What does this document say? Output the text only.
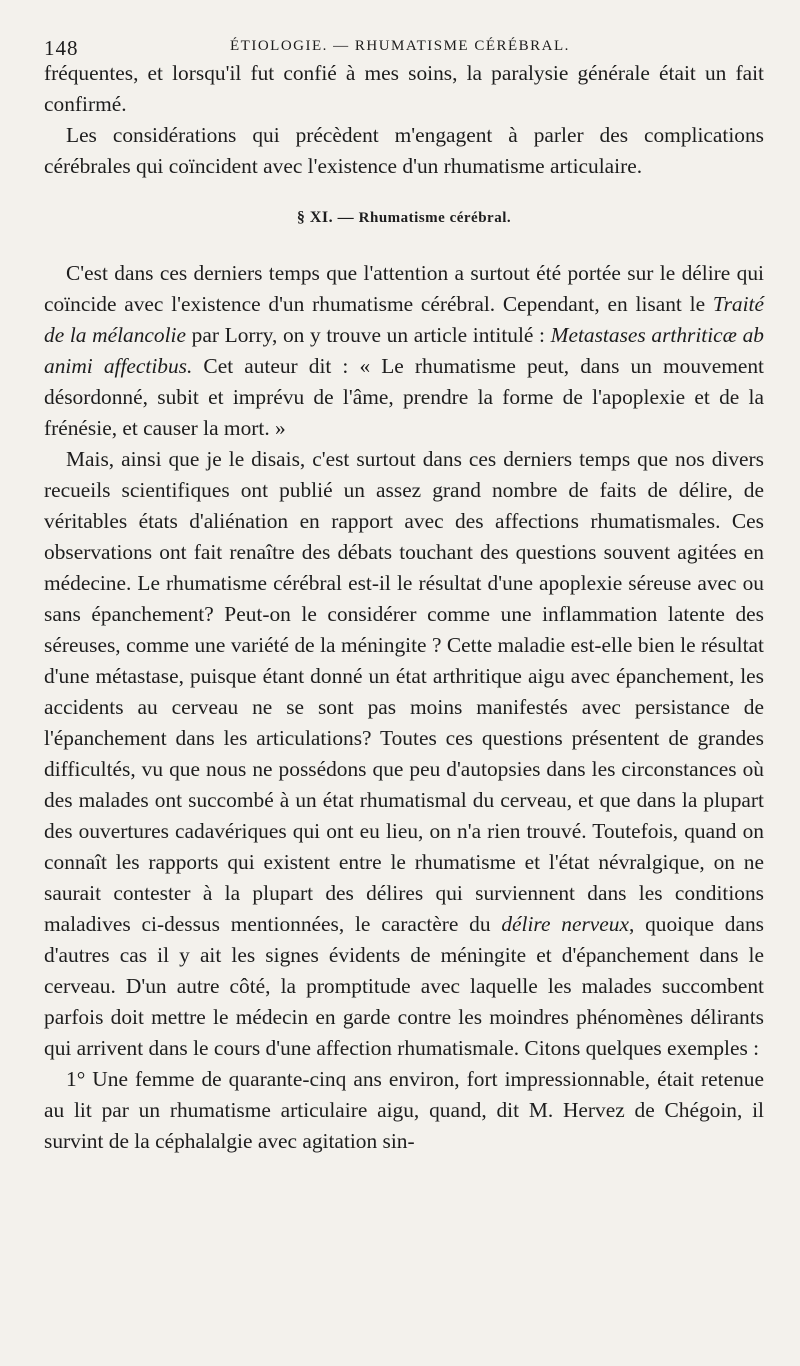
148	ÉTIOLOGIE. — RHUMATISME CÉRÉBRAL.

fréquentes, et lorsqu'il fut confié à mes soins, la paralysie générale était un fait confirmé.

Les considérations qui précèdent m'engagent à parler des complications cérébrales qui coïncident avec l'existence d'un rhumatisme articulaire.

§ XI. — Rhumatisme cérébral.

C'est dans ces derniers temps que l'attention a surtout été portée sur le délire qui coïncide avec l'existence d'un rhumatisme cérébral. Cependant, en lisant le Traité de la mélancolie par Lorry, on y trouve un article intitulé : Metastases arthriticæ ab animi affectibus. Cet auteur dit : « Le rhumatisme peut, dans un mouvement désordonné, subit et imprévu de l'âme, prendre la forme de l'apoplexie et de la frénésie, et causer la mort. »

Mais, ainsi que je le disais, c'est surtout dans ces derniers temps que nos divers recueils scientifiques ont publié un assez grand nombre de faits de délire, de véritables états d'aliénation en rapport avec des affections rhumatismales. Ces observations ont fait renaître des débats touchant des questions souvent agitées en médecine. Le rhumatisme cérébral est-il le résultat d'une apoplexie séreuse avec ou sans épanchement? Peut-on le considérer comme une inflammation latente des séreuses, comme une variété de la méningite ? Cette maladie est-elle bien le résultat d'une métastase, puisque étant donné un état arthritique aigu avec épanchement, les accidents au cerveau ne se sont pas moins manifestés avec persistance de l'épanchement dans les articulations? Toutes ces questions présentent de grandes difficultés, vu que nous ne possédons que peu d'autopsies dans les circonstances où des malades ont succombé à un état rhumatismal du cerveau, et que dans la plupart des ouvertures cadavériques qui ont eu lieu, on n'a rien trouvé. Toutefois, quand on connaît les rapports qui existent entre le rhumatisme et l'état névralgique, on ne saurait contester à la plupart des délires qui surviennent dans les conditions maladives ci-dessus mentionnées, le caractère du délire nerveux, quoique dans d'autres cas il y ait les signes évidents de méningite et d'épanchement dans le cerveau. D'un autre côté, la promptitude avec laquelle les malades succombent parfois doit mettre le médecin en garde contre les moindres phénomènes délirants qui arrivent dans le cours d'une affection rhumatismale. Citons quelques exemples :

1° Une femme de quarante-cinq ans environ, fort impressionnable, était retenue au lit par un rhumatisme articulaire aigu, quand, dit M. Hervez de Chégoin, il survint de la céphalalgie avec agitation sin-
